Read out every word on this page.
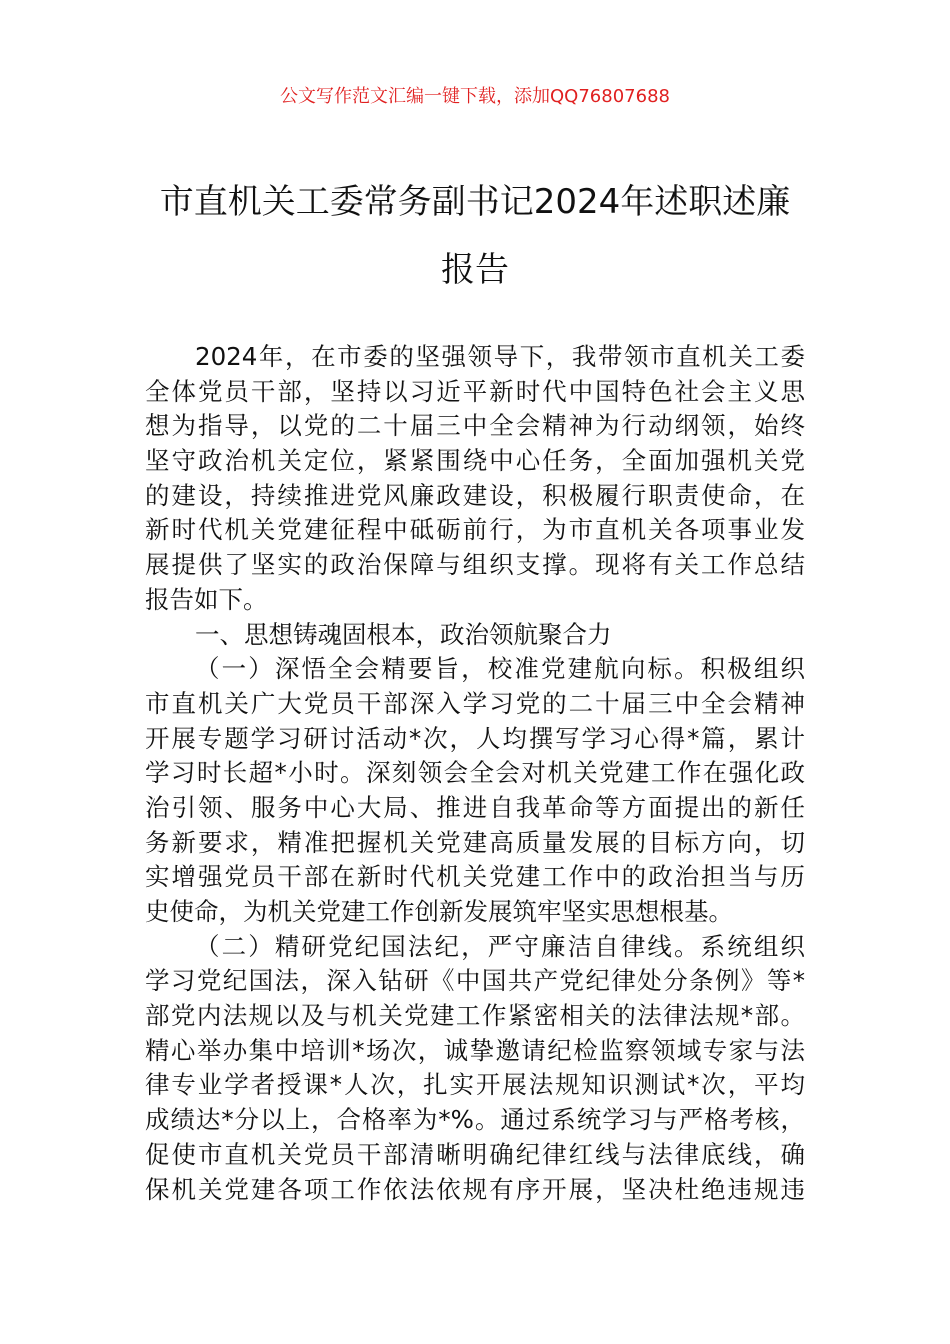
公文写作范文汇编一键下载，添加QQ76807688
市直机关工委常务副书记2024年述职述廉
报告
2024年，在市委的坚强领导下，我带领市直机关工委
全体党员干部，坚持以习近平新时代中国特色社会主义思
想为指导，以党的二十届三中全会精神为行动纲领，始终
坚守政治机关定位，紧紧围绕中心任务，全面加强机关党
的建设，持续推进党风廉政建设，积极履行职责使命，在
新时代机关党建征程中砥砺前行，为市直机关各项事业发
展提供了坚实的政治保障与组织支撑。现将有关工作总结
报告如下。
一、思想铸魂固根本，政治领航聚合力
（一）深悟全会精要旨，校准党建航向标。积极组织
市直机关广大党员干部深入学习党的二十届三中全会精神
开展专题学习研讨活动*次，人均撰写学习心得*篇，累计
学习时长超*小时。深刻领会全会对机关党建工作在强化政
治引领、服务中心大局、推进自我革命等方面提出的新任
务新要求，精准把握机关党建高质量发展的目标方向，切
实增强党员干部在新时代机关党建工作中的政治担当与历
史使命，为机关党建工作创新发展筑牢坚实思想根基。
（二）精研党纪国法纪，严守廉洁自律线。系统组织
学习党纪国法，深入钻研《中国共产党纪律处分条例》等*
部党内法规以及与机关党建工作紧密相关的法律法规*部。
精心举办集中培训*场次，诚挚邀请纪检监察领域专家与法
律专业学者授课*人次，扎实开展法规知识测试*次，平均
成绩达*分以上，合格率为*%。通过系统学习与严格考核，
促使市直机关党员干部清晰明确纪律红线与法律底线，确
保机关党建各项工作依法依规有序开展，坚决杜绝违规违
